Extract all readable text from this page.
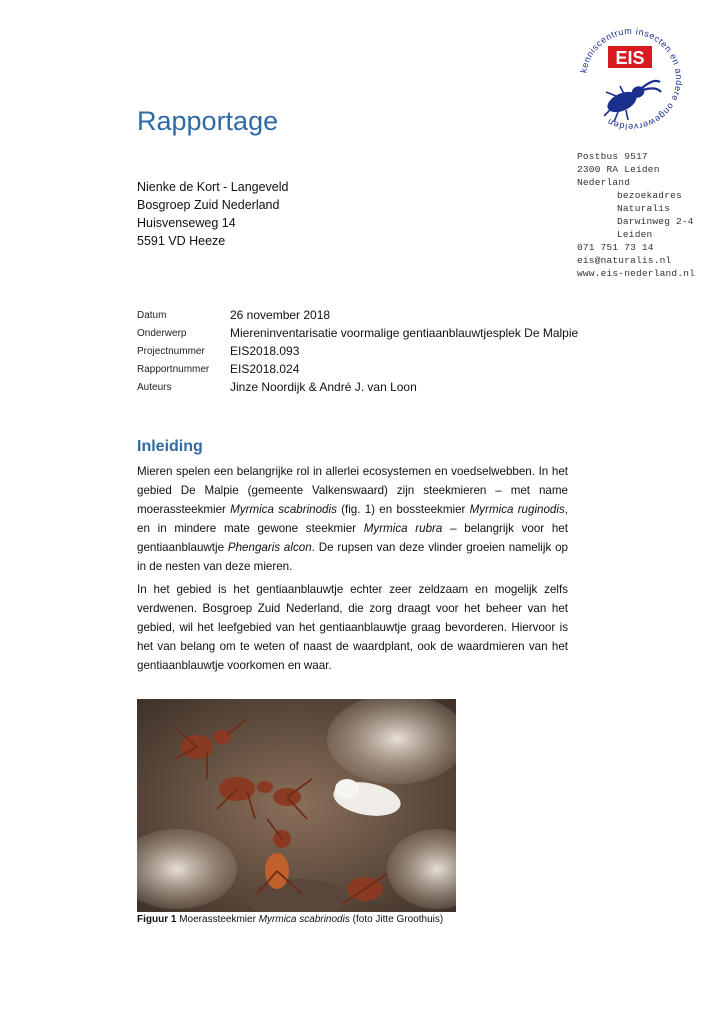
Rapportage
kenniscentrum insecten en andere ongewervelden
EIS
Postbus 9517
2300 RA Leiden
Nederland
bezoekadres
Naturalis
Darwinweg 2-4
Leiden
071 751 73 14
eis@naturalis.nl
www.eis-nederland.nl
Nienke de Kort - Langeveld
Bosgroep Zuid Nederland
Huisvenseweg 14
5591 VD Heeze
Datum	26 november 2018
Onderwerp	Miereninventarisatie voormalige gentiaanblauwtjesplek De Malpie
Projectnummer	EIS2018.093
Rapportnummer	EIS2018.024
Auteurs	Jinze Noordijk & André J. van Loon
Inleiding

Mieren spelen een belangrijke rol in allerlei ecosystemen en voedselwebben. In het gebied De Malpie (gemeente Valkenswaard) zijn steekmieren – met name moerassteekmier Myrmica scabrinodis (fig. 1) en bossteekmier Myrmica ruginodis, en in mindere mate gewone steekmier Myrmica rubra – belangrijk voor het gentiaanblauwtje Phengaris alcon. De rupsen van deze vlinder groeien namelijk op in de nesten van deze mieren.

In het gebied is het gentiaanblauwtje echter zeer zeldzaam en mogelijk zelfs verdwenen. Bosgroep Zuid Nederland, die zorg draagt voor het beheer van het gebied, wil het leefgebied van het gentiaanblauwtje graag bevorderen. Hiervoor is het van belang om te weten of naast de waardplant, ook de waardmieren van het gentiaanblauwtje voorkomen en waar.

Figuur 1 Moerassteekmier Myrmica scabrinodis (foto Jitte Groothuis)
